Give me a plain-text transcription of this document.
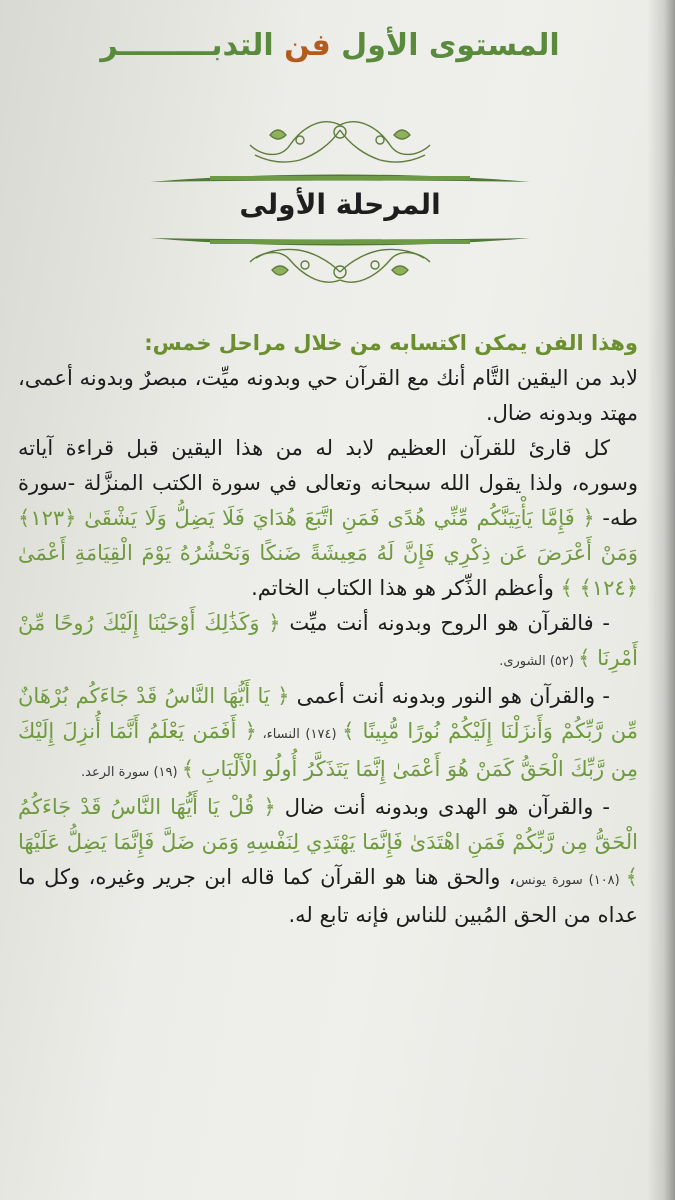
المستوى الأول فن التدبـــــــــر
المرحلة الأولى

وهذا الفن يمكن اكتسابه من خلال مراحل خمس:

لابد من اليقين التَّام أنك مع القرآن حي وبدونه ميِّت، مبصرٌ وبدونه أعمى، مهتد وبدونه ضال.

كل قارئ للقرآن العظيم لابد له من هذا اليقين قبل قراءة آياته وسوره، ولذا يقول الله سبحانه وتعالى في سورة الكتب المنزَّلة -سورة طه- ﴿ فَإِمَّا يَأْتِيَنَّكُم مِّنِّي هُدًى فَمَنِ اتَّبَعَ هُدَايَ فَلَا يَضِلُّ وَلَا يَشْقَىٰ ﴿١٢٣﴾ وَمَنْ أَعْرَضَ عَن ذِكْرِي فَإِنَّ لَهُ مَعِيشَةً ضَنكًا وَنَحْشُرُهُ يَوْمَ الْقِيَامَةِ أَعْمَىٰ ﴿١٢٤﴾ ﴾ وأعظم الذِّكر هو هذا الكتاب الخاتم.

- فالقرآن هو الروح وبدونه أنت ميِّت ﴿ وَكَذَٰلِكَ أَوْحَيْنَا إِلَيْكَ رُوحًا مِّنْ أَمْرِنَا ﴾ (٥٢) الشورى.

- والقرآن هو النور وبدونه أنت أعمى ﴿ يَا أَيُّهَا النَّاسُ قَدْ جَاءَكُم بُرْهَانٌ مِّن رَّبِّكُمْ وَأَنزَلْنَا إِلَيْكُمْ نُورًا مُّبِينًا ﴾ (١٧٤) النساء، ﴿ أَفَمَن يَعْلَمُ أَنَّمَا أُنزِلَ إِلَيْكَ مِن رَّبِّكَ الْحَقُّ كَمَنْ هُوَ أَعْمَىٰ إِنَّمَا يَتَذَكَّرُ أُولُو الْأَلْبَابِ ﴾ (١٩) سورة الرعد.

- والقرآن هو الهدى وبدونه أنت ضال ﴿ قُلْ يَا أَيُّهَا النَّاسُ قَدْ جَاءَكُمُ الْحَقُّ مِن رَّبِّكُمْ فَمَنِ اهْتَدَىٰ فَإِنَّمَا يَهْتَدِي لِنَفْسِهِ وَمَن ضَلَّ فَإِنَّمَا يَضِلُّ عَلَيْهَا ﴾ (١٠٨) سورة يونس، والحق هنا هو القرآن كما قاله ابن جرير وغيره، وكل ما عداه من الحق المُبين للناس فإنه تابع له.
